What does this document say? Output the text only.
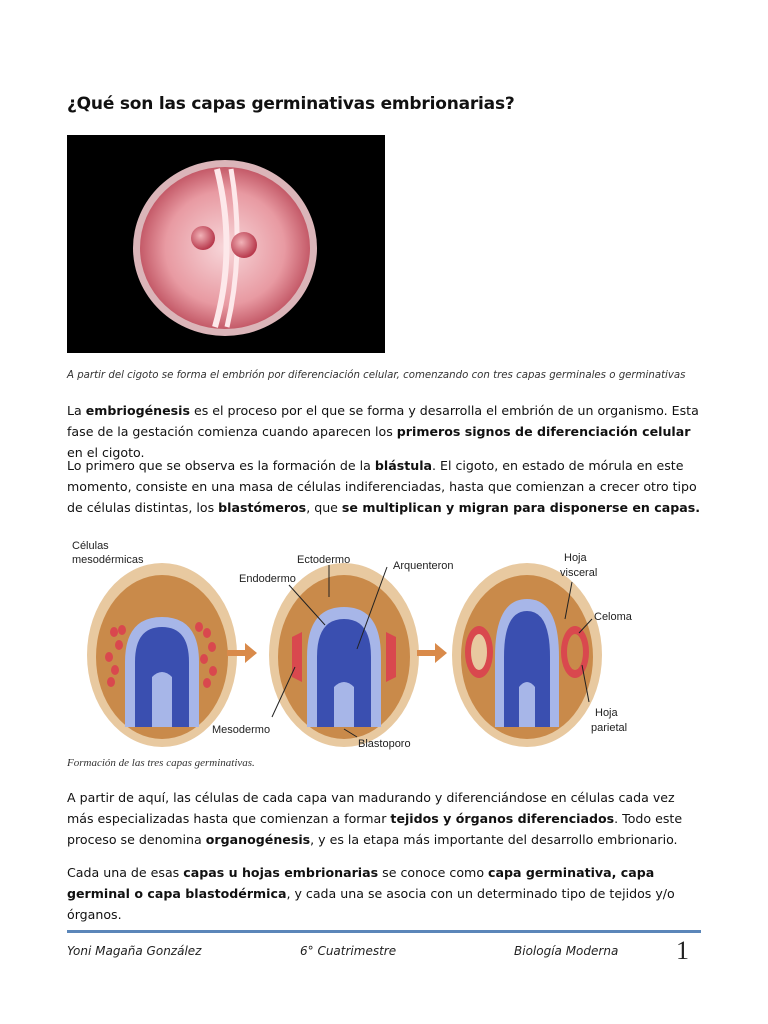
¿Qué son las capas germinativas embrionarias?
A partir del cigoto se forma el embrión por diferenciación celular, comenzando con tres capas germinales o germinativas

La embriogénesis es el proceso por el que se forma y desarrolla el embrión de un organismo. Esta fase de la gestación comienza cuando aparecen los primeros signos de diferenciación celular en el cigoto.

Lo primero que se observa es la formación de la blástula. El cigoto, en estado de mórula en este momento, consiste en una masa de células indiferenciadas, hasta que comienzan a crecer otro tipo de células distintas, los blastómeros, que se multiplican y migran para disponerse en capas.

Células
mesodérmicas	Ectodermo
Endodermo
Arquenteron
Hoja
visceral
Celoma
Mesodermo
Blastoporo
Hoja
parietal
Formación de las tres capas germinativas.

A partir de aquí, las células de cada capa van madurando y diferenciándose en células cada vez más especializadas hasta que comienzan a formar tejidos y órganos diferenciados. Todo este proceso se denomina organogénesis, y es la etapa más importante del desarrollo embrionario.

Cada una de esas capas u hojas embrionarias se conoce como capa germinativa, capa germinal o capa blastodérmica, y cada una se asocia con un determinado tipo de tejidos y/o órganos.

Yoni Magaña González	6° Cuatrimestre	Biología Moderna 1
